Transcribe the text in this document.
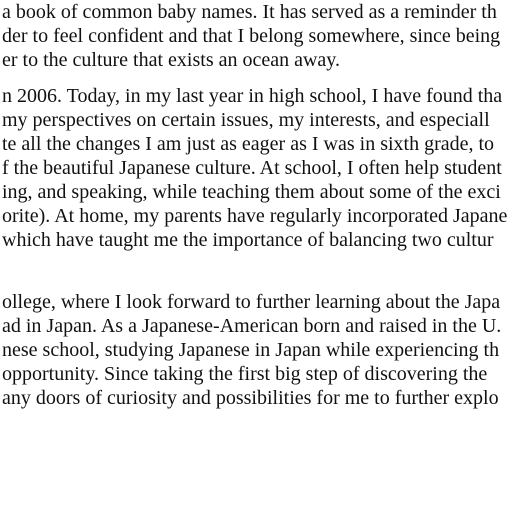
a book of common baby names. It has served as a reminder th
der to feel confident and that I belong somewhere, since being
er to the culture that exists an ocean away.
n 2006. Today, in my last year in high school, I have found tha
my perspectives on certain issues, my interests, and especiall
te all the changes I am just as eager as I was in sixth grade, to
f the beautiful Japanese culture. At school, I often help student
ing, and speaking, while teaching them about some of the exci
orite). At home, my parents have regularly incorporated Japane
which have taught me the importance of balancing two cultur
ollege, where I look forward to further learning about the Japa
ad in Japan. As a Japanese-American born and raised in the U.
nese school, studying Japanese in Japan while experiencing th
opportunity. Since taking the first big step of discovering the
any doors of curiosity and possibilities for me to further explo
